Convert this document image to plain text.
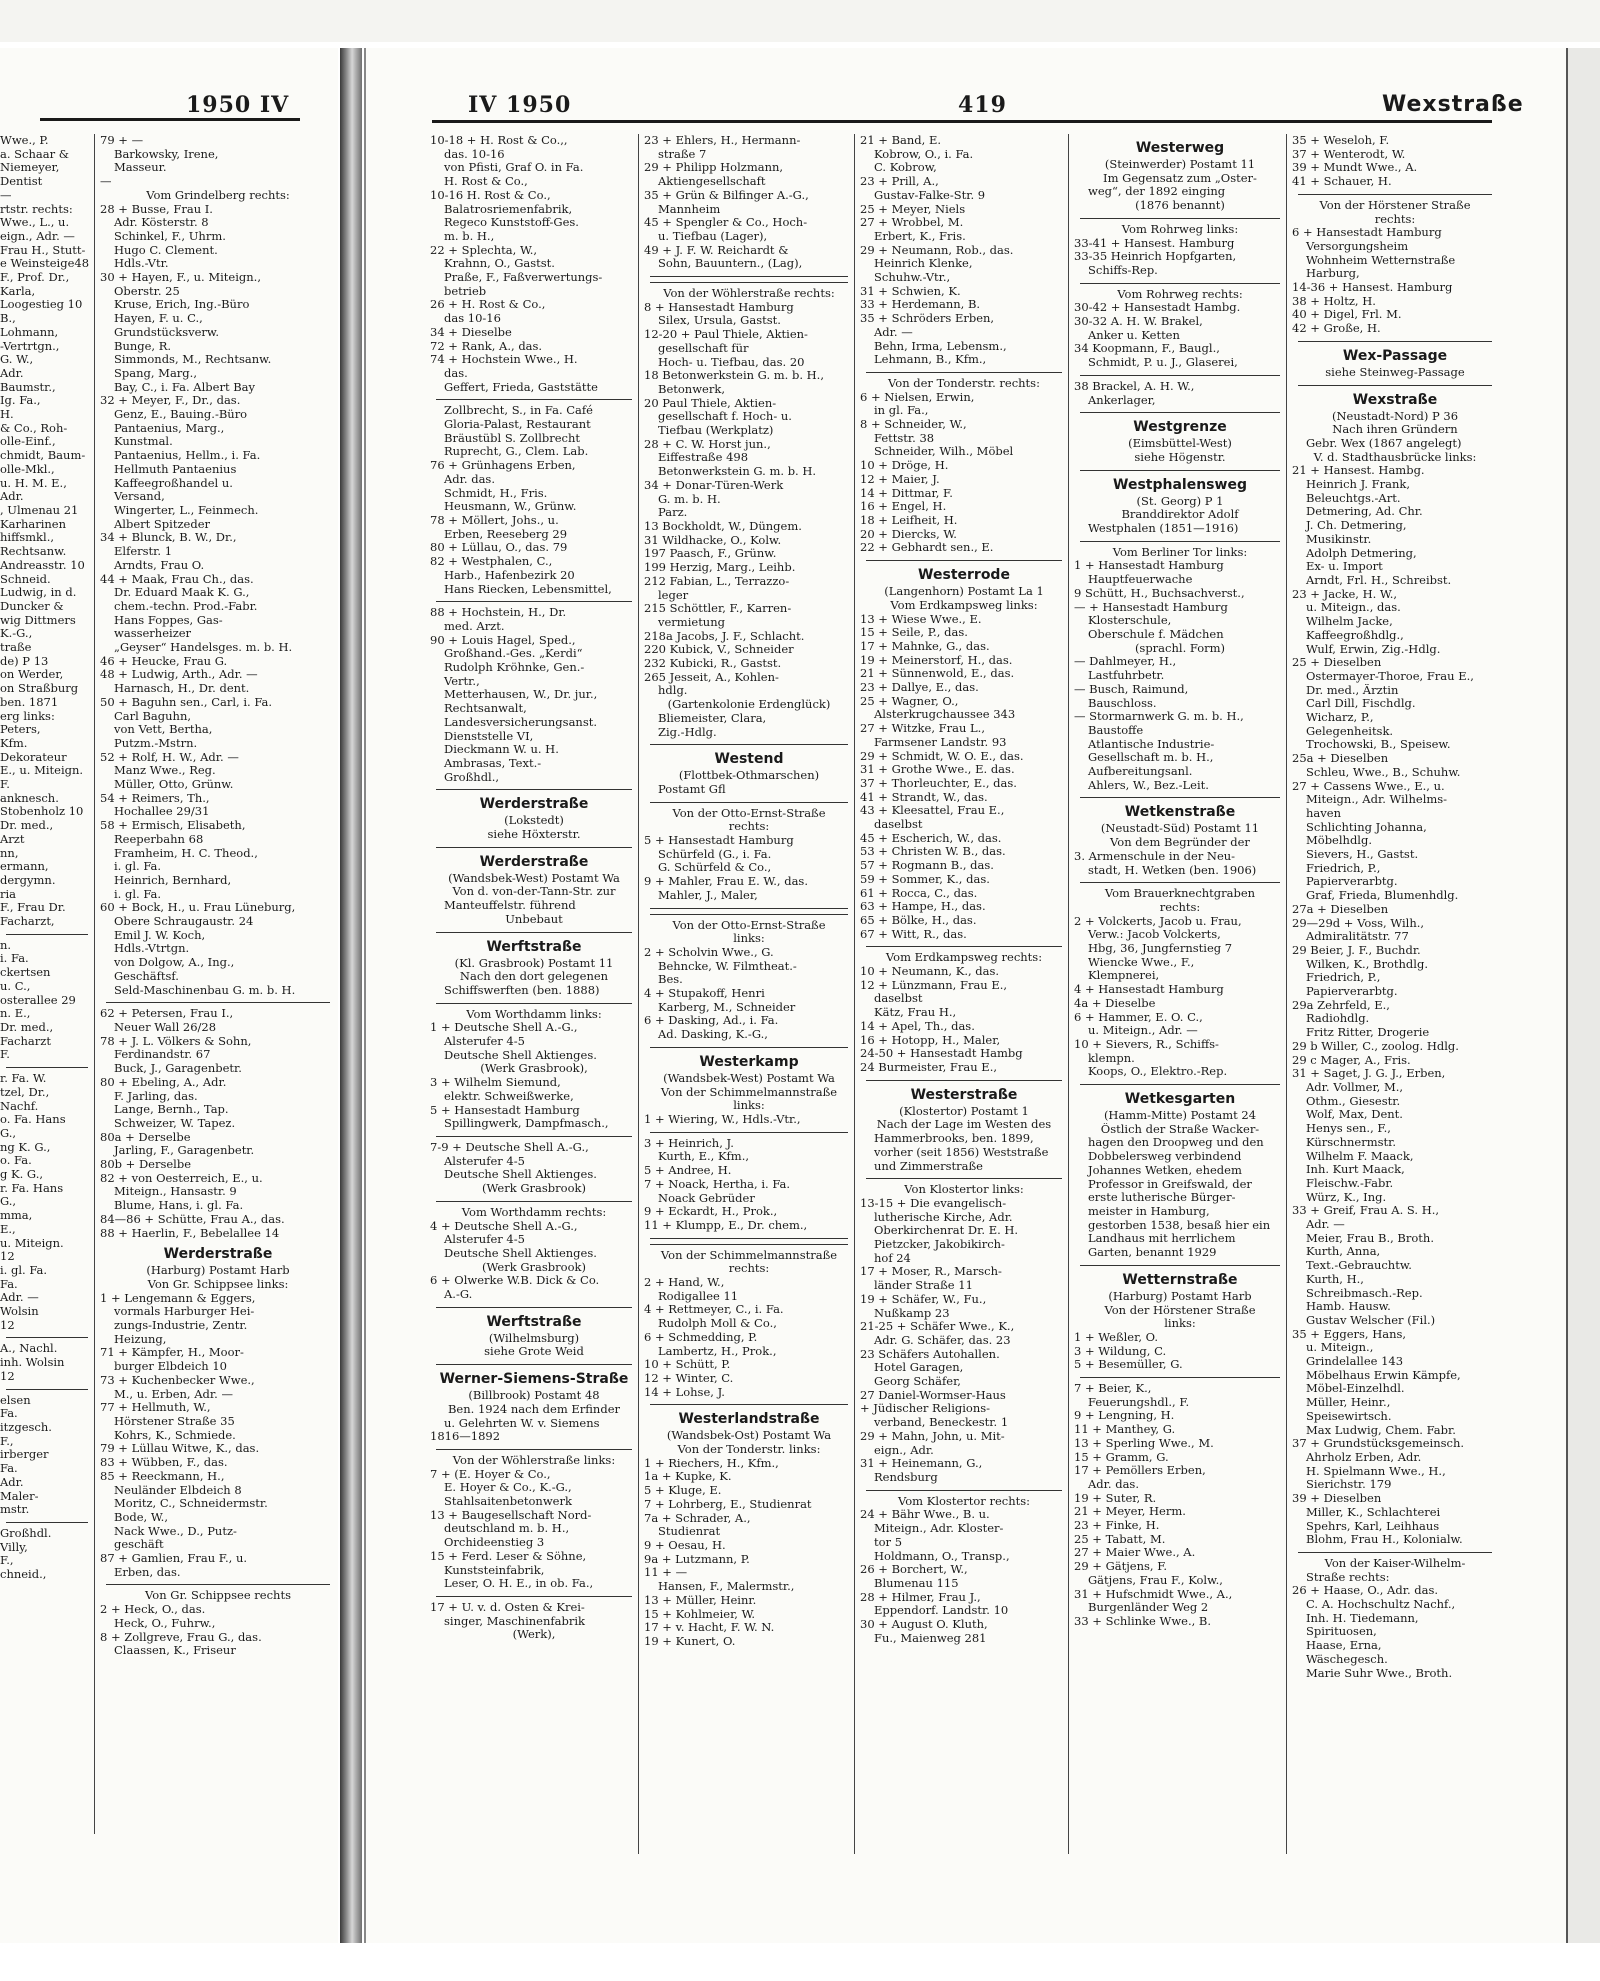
1950 IV	IV 1950	419	Wexstraße
Wwe., P.
a. Schaar &
Niemeyer,
Dentist
—
rtstr. rechts:
Wwe., L., u.
eign., Adr. —
Frau H., Stutt-
e Weinsteige48
F., Prof. Dr.,
Karla,
Loogestieg 10
B.,
Lohmann,
-Vertrtgn.,
G. W.,
Adr.
Baumstr.,
Ig. Fa.,
H.
& Co., Roh-
olle-Einf.,
chmidt, Baum-
olle-Mkl.,
u. H. M. E.,
Adr.
, Ulmenau 21
Karharinen
hiffsmkl.,
Rechtsanw.
Andreasstr. 10
Schneid.
Ludwig, in d.
Duncker &
wig Dittmers
K.-G.,
traße
de) P 13
on Werder,
on Straßburg
ben. 1871
erg links:
Peters,
Kfm.
Dekorateur
E., u. Miteign.
F.
anknesch.
Stobenholz 10
Dr. med.,
Arzt
nn,
ermann,
dergymn.
ria
F., Frau Dr.
Facharzt,
n.
i. Fa.
ckertsen
u. C.,
osterallee 29
n. E.,
Dr. med.,
Facharzt
F.
r. Fa. W.
tzel, Dr.,
Nachf.
o. Fa. Hans
G.,
ng K. G.,
o. Fa.
g K. G.,
r. Fa. Hans
G.,
mma,
E.,
u. Miteign.
12
i. gl. Fa.
Fa.
Adr. —
Wolsin
12
A., Nachl.
inh. Wolsin
12
elsen
Fa.
itzgesch.
F.,
irberger
Fa.
Adr.
Maler-
mstr.
Großhdl.
Villy,
F.,
chneid.,
79 + —
Barkowsky, Irene,
Masseur.
—
Vom Grindelberg rechts:
28 + Busse, Frau I.
Adr. Kösterstr. 8
Schinkel, F., Uhrm.
Hugo C. Clement.
Hdls.-Vtr.
30 + Hayen, F., u. Miteign.,
Oberstr. 25
Kruse, Erich, Ing.-Büro
Hayen, F. u. C.,
Grundstücksverw.
Bunge, R.
Simmonds, M., Rechtsanw.
Spang, Marg.,
Bay, C., i. Fa. Albert Bay
32 + Meyer, F., Dr., das.
Genz, E., Bauing.-Büro
Pantaenius, Marg.,
Kunstmal.
Pantaenius, Hellm., i. Fa.
Hellmuth Pantaenius
Kaffeegroßhandel u.
Versand,
Wingerter, L., Feinmech.
Albert Spitzeder
34 + Blunck, B. W., Dr.,
Elferstr. 1
Arndts, Frau O.
44 + Maak, Frau Ch., das.
Dr. Eduard Maak K. G.,
chem.-techn. Prod.-Fabr.
Hans Foppes, Gas-
wasserheizer
„Geyser“ Handelsges. m. b. H.
46 + Heucke, Frau G.
48 + Ludwig, Arth., Adr. —
Harnasch, H., Dr. dent.
50 + Baguhn sen., Carl, i. Fa.
Carl Baguhn,
von Vett, Bertha,
Putzm.-Mstrn.
52 + Rolf, H. W., Adr. —
Manz Wwe., Reg.
Müller, Otto, Grünw.
54 + Reimers, Th.,
Hochallee 29/31
58 + Ermisch, Elisabeth,
Reeperbahn 68
Framheim, H. C. Theod.,
i. gl. Fa.
Heinrich, Bernhard,
i. gl. Fa.
60 + Bock, H., u. Frau Lüneburg,
Obere Schraugaustr. 24
Emil J. W. Koch,
Hdls.-Vtrtgn.
von Dolgow, A., Ing.,
Geschäftsf.
Seld-Maschinenbau G. m. b. H.
62 + Petersen, Frau I.,
Neuer Wall 26/28
78 + J. L. Völkers & Sohn,
Ferdinandstr. 67
Buck, J., Garagenbetr.
80 + Ebeling, A., Adr.
F. Jarling, das.
Lange, Bernh., Tap.
Schweizer, W. Tapez.
80a + Derselbe
Jarling, F., Garagenbetr.
80b + Derselbe
82 + von Oesterreich, E., u.
Miteign., Hansastr. 9
Blume, Hans, i. gl. Fa.
84—86 + Schütte, Frau A., das.
88 + Haerlin, F., Bebelallee 14
Werderstraße
(Harburg) Postamt Harb
Von Gr. Schippsee links:
1 + Lengemann & Eggers,
vormals Harburger Hei-
zungs-Industrie, Zentr.
Heizung,
71 + Kämpfer, H., Moor-
burger Elbdeich 10
73 + Kuchenbecker Wwe.,
M., u. Erben, Adr. —
77 + Hellmuth, W.,
Hörstener Straße 35
Kohrs, K., Schmiede.
79 + Lüllau Witwe, K., das.
83 + Wübben, F., das.
85 + Reeckmann, H.,
Neuländer Elbdeich 8
Moritz, C., Schneidermstr.
Bode, W.,
Nack Wwe., D., Putz-
geschäft
87 + Gamlien, Frau F., u.
Erben, das.
Von Gr. Schippsee rechts
2 + Heck, O., das.
Heck, O., Fuhrw.,
8 + Zollgreve, Frau G., das.
Claassen, K., Friseur
10-18 + H. Rost & Co.,,
das. 10-16
von Pfisti, Graf O. in Fa.
H. Rost & Co.,
10-16 H. Rost & Co.,
Balatrosriemenfabrik,
Regeco Kunststoff-Ges.
m. b. H.,
22 + Splechta, W.,
Krahnn, O., Gastst.
Praße, F., Faßverwertungs-
betrieb
26 + H. Rost & Co.,
das 10-16
34 + Dieselbe
72 + Rank, A., das.
74 + Hochstein Wwe., H.
das.
Geffert, Frieda, Gaststätte
Zollbrecht, S., in Fa. Café
Gloria-Palast, Restaurant
Bräustübl S. Zollbrecht
Ruprecht, G., Clem. Lab.
76 + Grünhagens Erben,
Adr. das.
Schmidt, H., Fris.
Heusmann, W., Grünw.
78 + Möllert, Johs., u.
Erben, Reeseberg 29
80 + Lüllau, O., das. 79
82 + Westphalen, C.,
Harb., Hafenbezirk 20
Hans Riecken, Lebensmittel,
88 + Hochstein, H., Dr.
med. Arzt.
90 + Louis Hagel, Sped.,
Großhand.-Ges. „Kerdi“
Rudolph Kröhnke, Gen.-
Vertr.,
Metterhausen, W., Dr. jur.,
Rechtsanwalt,
Landesversicherungsanst.
Dienststelle VI,
Dieckmann W. u. H.
Ambrasas, Text.-
Großhdl.,
Werderstraße
(Lokstedt)
siehe Höxterstr.
Werderstraße
(Wandsbek-West) Postamt Wa
Von d. von-der-Tann-Str. zur
Manteuffelstr. führend
Unbebaut
Werftstraße
(Kl. Grasbrook) Postamt 11
Nach den dort gelegenen
Schiffswerften (ben. 1888)
Vom Worthdamm links:
1 + Deutsche Shell A.-G.,
Alsterufer 4-5
Deutsche Shell Aktienges.
(Werk Grasbrook),
3 + Wilhelm Siemund,
elektr. Schweißwerke,
5 + Hansestadt Hamburg
Spillingwerk, Dampfmasch.,
7-9 + Deutsche Shell A.-G.,
Alsterufer 4-5
Deutsche Shell Aktienges.
(Werk Grasbrook)
Vom Worthdamm rechts:
4 + Deutsche Shell A.-G.,
Alsterufer 4-5
Deutsche Shell Aktienges.
(Werk Grasbrook)
6 + Olwerke W.B. Dick & Co.
A.-G.
Werftstraße
(Wilhelmsburg)
siehe Grote Weid
Werner-Siemens-Straße
(Billbrook) Postamt 48
Ben. 1924 nach dem Erfinder
u. Gelehrten W. v. Siemens
1816—1892
Von der Wöhlerstraße links:
7 + (E. Hoyer & Co.,
E. Hoyer & Co., K.-G.,
Stahlsaitenbetonwerk
13 + Baugesellschaft Nord-
deutschland m. b. H.,
Orchideenstieg 3
15 + Ferd. Leser & Söhne,
Kunststeinfabrik,
Leser, O. H. E., in ob. Fa.,
17 + U. v. d. Osten & Krei-
singer, Maschinenfabrik
(Werk),
23 + Ehlers, H., Hermann-
straße 7
29 + Philipp Holzmann,
Aktiengesellschaft
35 + Grün & Bilfinger A.-G.,
Mannheim
45 + Spengler & Co., Hoch-
u. Tiefbau (Lager),
49 + J. F. W. Reichardt &
Sohn, Bauuntern., (Lag),
Von der Wöhlerstraße rechts:
8 + Hansestadt Hamburg
Silex, Ursula, Gastst.
12-20 + Paul Thiele, Aktien-
gesellschaft für
Hoch- u. Tiefbau, das. 20
18 Betonwerkstein G. m. b. H.,
Betonwerk,
20 Paul Thiele, Aktien-
gesellschaft f. Hoch- u.
Tiefbau (Werkplatz)
28 + C. W. Horst jun.,
Eiffestraße 498
Betonwerkstein G. m. b. H.
34 + Donar-Türen-Werk
G. m. b. H.
Parz.
13 Bockholdt, W., Düngem.
31 Wildhacke, O., Kolw.
197 Paasch, F., Grünw.
199 Herzig, Marg., Leihb.
212 Fabian, L., Terrazzo-
leger
215 Schöttler, F., Karren-
vermietung
218a Jacobs, J. F., Schlacht.
220 Kubick, V., Schneider
232 Kubicki, R., Gastst.
265 Jesseit, A., Kohlen-
hdlg.
(Gartenkolonie Erdenglück)
Bliemeister, Clara,
Zig.-Hdlg.
Westend
(Flottbek-Othmarschen)
Postamt Gfl
Von der Otto-Ernst-Straße
rechts:
5 + Hansestadt Hamburg
Schürfeld (G., i. Fa.
G. Schürfeld & Co.,
9 + Mahler, Frau E. W., das.
Mahler, J., Maler,
Von der Otto-Ernst-Straße
links:
2 + Scholvin Wwe., G.
Behncke, W. Filmtheat.-
Bes.
4 + Stupakoff, Henri
Karberg, M., Schneider
6 + Dasking, Ad., i. Fa.
Ad. Dasking, K.-G.,
Westerkamp
(Wandsbek-West) Postamt Wa
Von der Schimmelmannstraße
links:
1 + Wiering, W., Hdls.-Vtr.,
3 + Heinrich, J.
Kurth, E., Kfm.,
5 + Andree, H.
7 + Noack, Hertha, i. Fa.
Noack Gebrüder
9 + Eckardt, H., Prok.,
11 + Klumpp, E., Dr. chem.,
Von der Schimmelmannstraße
rechts:
2 + Hand, W.,
Rodigallee 11
4 + Rettmeyer, C., i. Fa.
Rudolph Moll & Co.,
6 + Schmedding, P.
Lambertz, H., Prok.,
10 + Schütt, P.
12 + Winter, C.
14 + Lohse, J.
Westerlandstraße
(Wandsbek-Ost) Postamt Wa
Von der Tonderstr. links:
1 + Riechers, H., Kfm.,
1a + Kupke, K.
5 + Kluge, E.
7 + Lohrberg, E., Studienrat
7a + Schrader, A.,
Studienrat
9 + Oesau, H.
9a + Lutzmann, P.
11 + —
Hansen, F., Malermstr.,
13 + Müller, Heinr.
15 + Kohlmeier, W.
17 + v. Hacht, F. W. N.
19 + Kunert, O.
21 + Band, E.
Kobrow, O., i. Fa.
C. Kobrow,
23 + Prill, A.,
Gustav-Falke-Str. 9
25 + Meyer, Niels
27 + Wrobbel, M.
Erbert, K., Fris.
29 + Neumann, Rob., das.
Heinrich Klenke,
Schuhw.-Vtr.,
31 + Schwien, K.
33 + Herdemann, B.
35 + Schröders Erben,
Adr. —
Behn, Irma, Lebensm.,
Lehmann, B., Kfm.,
Von der Tonderstr. rechts:
6 + Nielsen, Erwin,
in gl. Fa.,
8 + Schneider, W.,
Fettstr. 38
Schneider, Wilh., Möbel
10 + Dröge, H.
12 + Maier, J.
14 + Dittmar, F.
16 + Engel, H.
18 + Leifheit, H.
20 + Diercks, W.
22 + Gebhardt sen., E.
Westerrode
(Langenhorn) Postamt La 1
Vom Erdkampsweg links:
13 + Wiese Wwe., E.
15 + Seile, P., das.
17 + Mahnke, G., das.
19 + Meinerstorf, H., das.
21 + Sünnenwold, E., das.
23 + Dallye, E., das.
25 + Wagner, O.,
Alsterkrugchaussee 343
27 + Witzke, Frau L.,
Farmsener Landstr. 93
29 + Schmidt, W. O. E., das.
31 + Grothe Wwe., E. das.
37 + Thorleuchter, E., das.
41 + Strandt, W., das.
43 + Kleesattel, Frau E.,
daselbst
45 + Escherich, W., das.
53 + Christen W. B., das.
57 + Rogmann B., das.
59 + Sommer, K., das.
61 + Rocca, C., das.
63 + Hampe, H., das.
65 + Bölke, H., das.
67 + Witt, R., das.
Vom Erdkampsweg rechts:
10 + Neumann, K., das.
12 + Lünzmann, Frau E.,
daselbst
Kätz, Frau H.,
14 + Apel, Th., das.
16 + Hotopp, H., Maler,
24-50 + Hansestadt Hambg
24 Burmeister, Frau E.,
Westerstraße
(Klostertor) Postamt 1
Nach der Lage im Westen des
Hammerbrooks, ben. 1899,
vorher (seit 1856) Weststraße
und Zimmerstraße
Von Klostertor links:
13-15 + Die evangelisch-
lutherische Kirche, Adr.
Oberkirchenrat Dr. E. H.
Pietzcker, Jakobikirch-
hof 24
17 + Moser, R., Marsch-
länder Straße 11
19 + Schäfer, W., Fu.,
Nußkamp 23
21-25 + Schäfer Wwe., K.,
Adr. G. Schäfer, das. 23
23 Schäfers Autohallen.
Hotel Garagen,
Georg Schäfer,
27 Daniel-Wormser-Haus
+ Jüdischer Religions-
verband, Beneckestr. 1
29 + Mahn, John, u. Mit-
eign., Adr.
31 + Heinemann, G.,
Rendsburg
Vom Klostertor rechts:
24 + Bähr Wwe., B. u.
Miteign., Adr. Kloster-
tor 5
Holdmann, O., Transp.,
26 + Borchert, W.,
Blumenau 115
28 + Hilmer, Frau J.,
Eppendorf. Landstr. 10
30 + August O. Kluth,
Fu., Maienweg 281
Westerweg
(Steinwerder) Postamt 11
Im Gegensatz zum „Oster-
weg“, der 1892 einging
(1876 benannt)
Vom Rohrweg links:
33-41 + Hansest. Hamburg
33-35 Heinrich Hopfgarten,
Schiffs-Rep.
Vom Rohrweg rechts:
30-42 + Hansestadt Hambg.
30-32 A. H. W. Brakel,
Anker u. Ketten
34 Koopmann, F., Baugl.,
Schmidt, P. u. J., Glaserei,
38 Brackel, A. H. W.,
Ankerlager,
Westgrenze
(Eimsbüttel-West)
siehe Högenstr.
Westphalensweg
(St. Georg) P 1
Branddirektor Adolf
Westphalen (1851—1916)
Vom Berliner Tor links:
1 + Hansestadt Hamburg
Hauptfeuerwache
9 Schütt, H., Buchsachverst.,
— + Hansestadt Hamburg
Klosterschule,
Oberschule f. Mädchen
(sprachl. Form)
— Dahlmeyer, H.,
Lastfuhrbetr.
— Busch, Raimund,
Bauschloss.
— Stormarnwerk G. m. b. H.,
Baustoffe
Atlantische Industrie-
Gesellschaft m. b. H.,
Aufbereitungsanl.
Ahlers, W., Bez.-Leit.
Wetkenstraße
(Neustadt-Süd) Postamt 11
Von dem Begründer der
3. Armenschule in der Neu-
stadt, H. Wetken (ben. 1906)
Vom Brauerknechtgraben
rechts:
2 + Volckerts, Jacob u. Frau,
Verw.: Jacob Volckerts,
Hbg, 36, Jungfernstieg 7
Wiencke Wwe., F.,
Klempnerei,
4 + Hansestadt Hamburg
4a + Dieselbe
6 + Hammer, E. O. C.,
u. Miteign., Adr. —
10 + Sievers, R., Schiffs-
klempn.
Koops, O., Elektro.-Rep.
Wetkesgarten
(Hamm-Mitte) Postamt 24
Östlich der Straße Wacker-
hagen den Droopweg und den
Dobbelersweg verbindend
Johannes Wetken, ehedem
Professor in Greifswald, der
erste lutherische Bürger-
meister in Hamburg,
gestorben 1538, besaß hier ein
Landhaus mit herrlichem
Garten, benannt 1929
Wetternstraße
(Harburg) Postamt Harb
Von der Hörstener Straße
links:
1 + Weßler, O.
3 + Wildung, C.
5 + Besemüller, G.
7 + Beier, K.,
Feuerungshdl., F.
9 + Lengning, H.
11 + Manthey, G.
13 + Sperling Wwe., M.
15 + Gramm, G.
17 + Pemöllers Erben,
Adr. das.
19 + Suter, R.
21 + Meyer, Herm.
23 + Finke, H.
25 + Tabatt, M.
27 + Maier Wwe., A.
29 + Gätjens, F.
Gätjens, Frau F., Kolw.,
31 + Hufschmidt Wwe., A.,
Burgenländer Weg 2
33 + Schlinke Wwe., B.
35 + Weseloh, F.
37 + Wenterodt, W.
39 + Mundt Wwe., A.
41 + Schauer, H.
Von der Hörstener Straße
rechts:
6 + Hansestadt Hamburg
Versorgungsheim
Wohnheim Wetternstraße
Harburg,
14-36 + Hansest. Hamburg
38 + Holtz, H.
40 + Digel, Frl. M.
42 + Große, H.
Wex-Passage
siehe Steinweg-Passage
Wexstraße
(Neustadt-Nord) P 36
Nach ihren Gründern
Gebr. Wex (1867 angelegt)
V. d. Stadthausbrücke links:
21 + Hansest. Hambg.
Heinrich J. Frank,
Beleuchtgs.-Art.
Detmering, Ad. Chr.
J. Ch. Detmering,
Musikinstr.
Adolph Detmering,
Ex- u. Import
Arndt, Frl. H., Schreibst.
23 + Jacke, H. W.,
u. Miteign., das.
Wilhelm Jacke,
Kaffeegroßhdlg.,
Wulf, Erwin, Zig.-Hdlg.
25 + Dieselben
Ostermayer-Thoroe, Frau E.,
Dr. med., Ärztin
Carl Dill, Fischdlg.
Wicharz, P.,
Gelegenheitsk.
Trochowski, B., Speisew.
25a + Dieselben
Schleu, Wwe., B., Schuhw.
27 + Cassens Wwe., E., u.
Miteign., Adr. Wilhelms-
haven
Schlichting Johanna,
Möbelhdlg.
Sievers, H., Gastst.
Friedrich, P.,
Papierverarbtg.
Graf, Frieda, Blumenhdlg.
27a + Dieselben
29—29d + Voss, Wilh.,
Admiralitätstr. 77
29 Beier, J. F., Buchdr.
Wilken, K., Brothdlg.
Friedrich, P.,
Papierverarbtg.
29a Zehrfeld, E.,
Radiohdlg.
Fritz Ritter, Drogerie
29 b Willer, C., zoolog. Hdlg.
29 c Mager, A., Fris.
31 + Saget, J. G. J., Erben,
Adr. Vollmer, M.,
Othm., Giesestr.
Wolf, Max, Dent.
Henys sen., F.,
Kürschnermstr.
Wilhelm F. Maack,
Inh. Kurt Maack,
Fleischw.-Fabr.
Würz, K., Ing.
33 + Greif, Frau A. S. H.,
Adr. —
Meier, Frau B., Broth.
Kurth, Anna,
Text.-Gebrauchtw.
Kurth, H.,
Schreibmasch.-Rep.
Hamb. Hausw.
Gustav Welscher (Fil.)
35 + Eggers, Hans,
u. Miteign.,
Grindelallee 143
Möbelhaus Erwin Kämpfe,
Möbel-Einzelhdl.
Müller, Heinr.,
Speisewirtsch.
Max Ludwig, Chem. Fabr.
37 + Grundstücksgemeinsch.
Ahrholz Erben, Adr.
H. Spielmann Wwe., H.,
Sierichstr. 179
39 + Dieselben
Miller, K., Schlachterei
Spehrs, Karl, Leihhaus
Blohm, Frau H., Kolonialw.
Von der Kaiser-Wilhelm-
Straße rechts:
26 + Haase, O., Adr. das.
C. A. Hochschultz Nachf.,
Inh. H. Tiedemann,
Spirituosen,
Haase, Erna,
Wäschegesch.
Marie Suhr Wwe., Broth.
